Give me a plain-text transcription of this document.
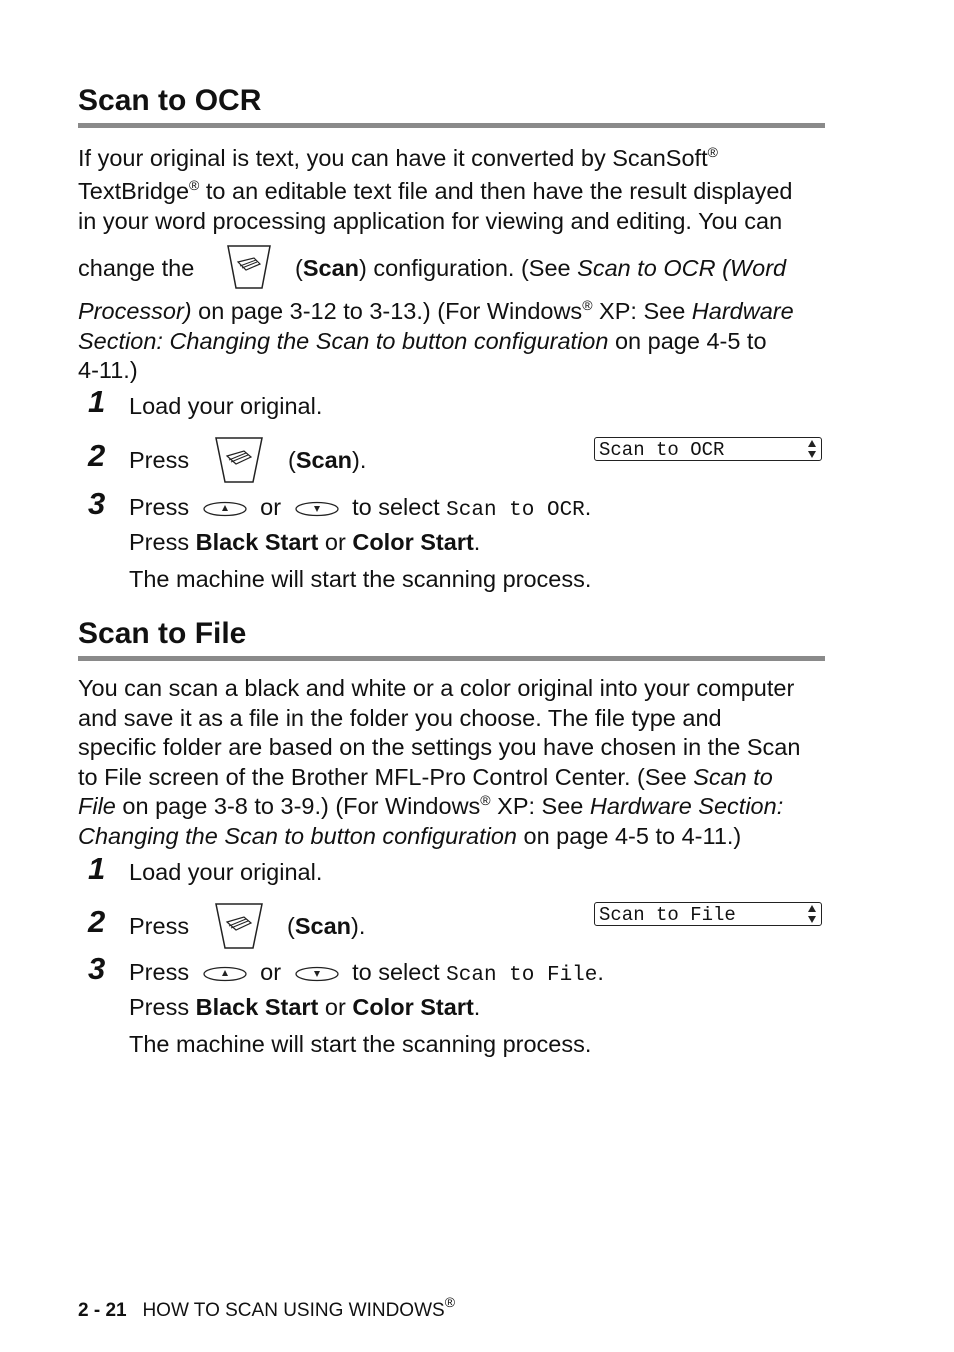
Scan to OCR
If your original is text, you can have it converted by ScanSoft®
TextBridge® to an editable text file and then have the result displayed
in your word processing application for viewing and editing. You can
change the	(Scan) configuration. (See Scan to OCR (Word
Processor) on page 3-12 to 3-13.) (For Windows® XP: See Hardware
Section: Changing the Scan to button configuration on page 4-5 to
4-11.)
1 Load your original.
2 Press	(Scan).	Scan to OCR
3 Press	or	to select Scan to OCR.
Press Black Start or Color Start.
The machine will start the scanning process.
Scan to File
You can scan a black and white or a color original into your computer
and save it as a file in the folder you choose. The file type and
specific folder are based on the settings you have chosen in the Scan
to File screen of the Brother MFL-Pro Control Center. (See Scan to
File on page 3-8 to 3-9.) (For Windows® XP: See Hardware Section:
Changing the Scan to button configuration on page 4-5 to 4-11.)
1 Load your original.
2 Press	(Scan).	Scan to File
3 Press	or	to select Scan to File.
Press Black Start or Color Start.
The machine will start the scanning process.
2 - 21 HOW TO SCAN USING WINDOWS®
